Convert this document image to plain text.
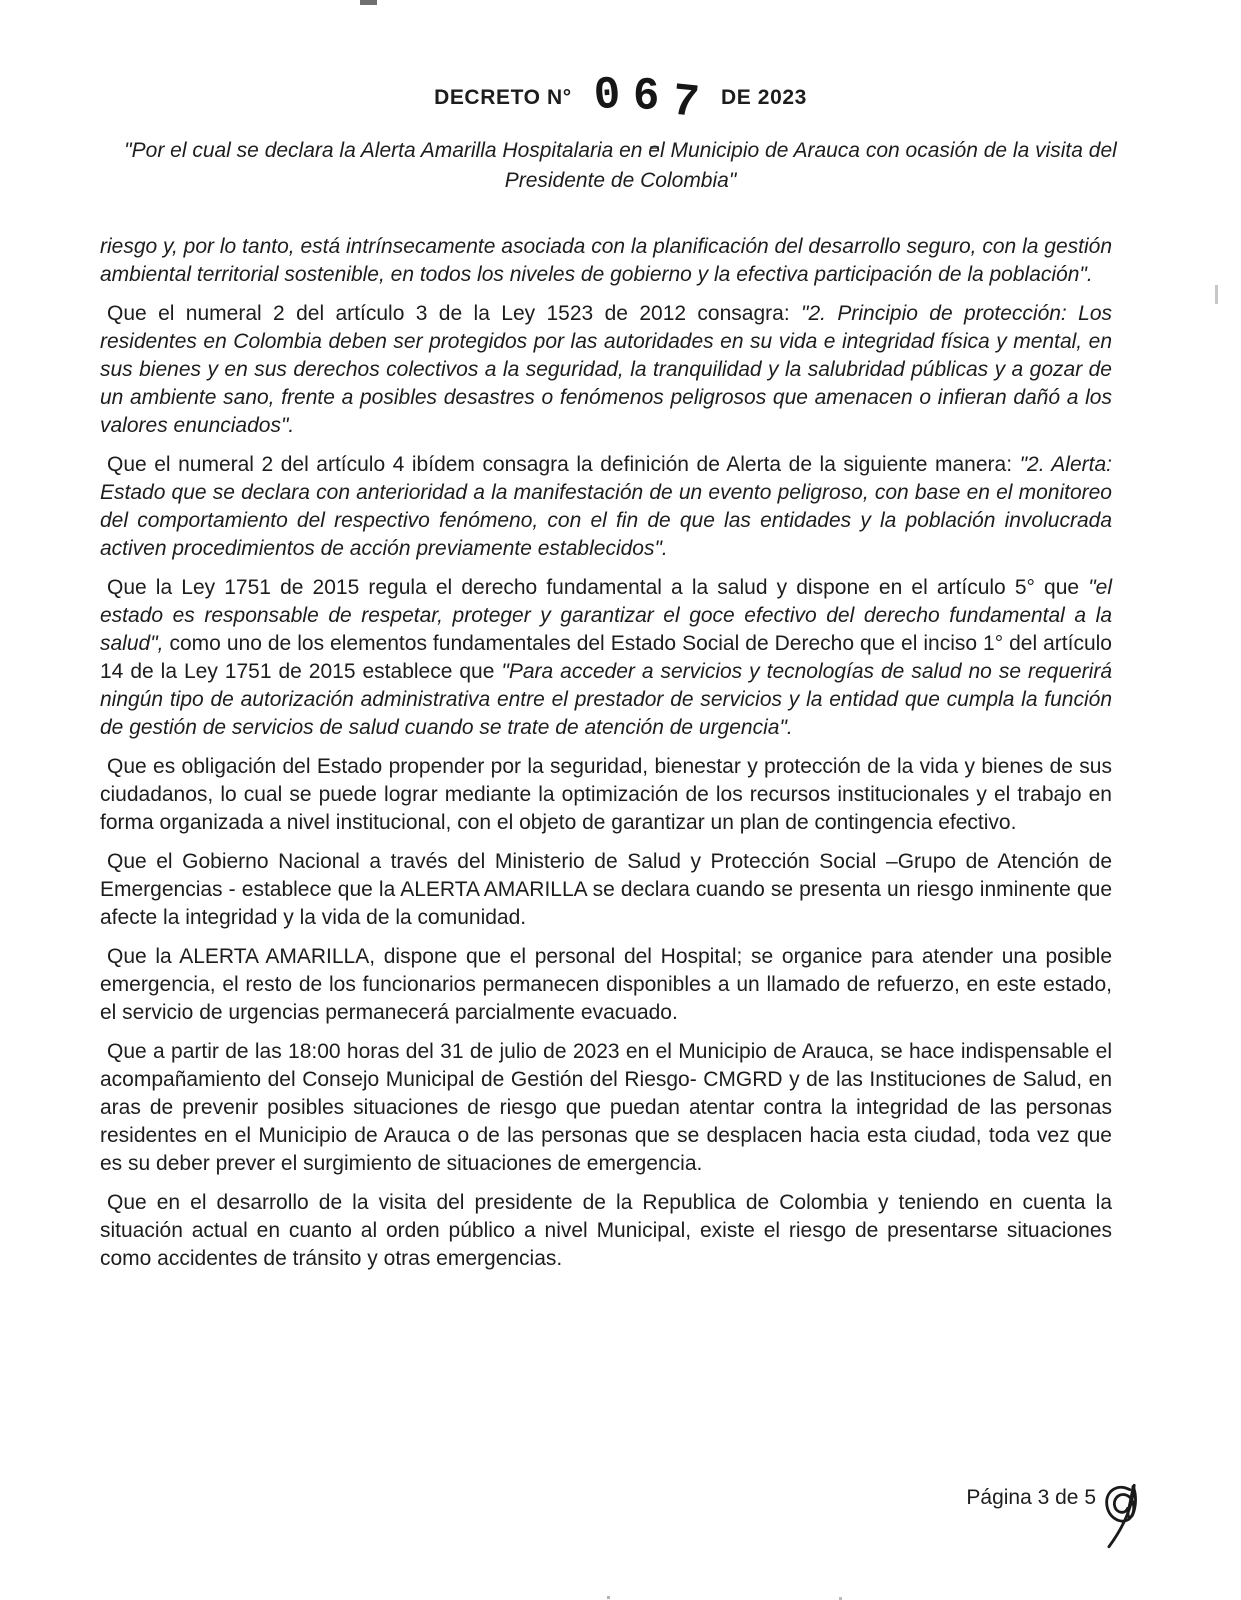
DECRETO N° 0 6 7 DE 2023
"Por el cual se declara la Alerta Amarilla Hospitalaria en el Municipio de Arauca con ocasión de la visita del Presidente de Colombia"

riesgo y, por lo tanto, está intrínsecamente asociada con la planificación del desarrollo seguro, con la gestión ambiental territorial sostenible, en todos los niveles de gobierno y la efectiva participación de la población".

Que el numeral 2 del artículo 3 de la Ley 1523 de 2012 consagra: "2. Principio de protección: Los residentes en Colombia deben ser protegidos por las autoridades en su vida e integridad física y mental, en sus bienes y en sus derechos colectivos a la seguridad, la tranquilidad y la salubridad públicas y a gozar de un ambiente sano, frente a posibles desastres o fenómenos peligrosos que amenacen o infieran dañó a los valores enunciados".

Que el numeral 2 del artículo 4 ibídem consagra la definición de Alerta de la siguiente manera: "2. Alerta: Estado que se declara con anterioridad a la manifestación de un evento peligroso, con base en el monitoreo del comportamiento del respectivo fenómeno, con el fin de que las entidades y la población involucrada activen procedimientos de acción previamente establecidos".

Que la Ley 1751 de 2015 regula el derecho fundamental a la salud y dispone en el artículo 5° que "el estado es responsable de respetar, proteger y garantizar el goce efectivo del derecho fundamental a la salud", como uno de los elementos fundamentales del Estado Social de Derecho que el inciso 1° del artículo 14 de la Ley 1751 de 2015 establece que "Para acceder a servicios y tecnologías de salud no se requerirá ningún tipo de autorización administrativa entre el prestador de servicios y la entidad que cumpla la función de gestión de servicios de salud cuando se trate de atención de urgencia".

Que es obligación del Estado propender por la seguridad, bienestar y protección de la vida y bienes de sus ciudadanos, lo cual se puede lograr mediante la optimización de los recursos institucionales y el trabajo en forma organizada a nivel institucional, con el objeto de garantizar un plan de contingencia efectivo.

Que el Gobierno Nacional a través del Ministerio de Salud y Protección Social –Grupo de Atención de Emergencias - establece que la ALERTA AMARILLA se declara cuando se presenta un riesgo inminente que afecte la integridad y la vida de la comunidad.

Que la ALERTA AMARILLA, dispone que el personal del Hospital; se organice para atender una posible emergencia, el resto de los funcionarios permanecen disponibles a un llamado de refuerzo, en este estado, el servicio de urgencias permanecerá parcialmente evacuado.

Que a partir de las 18:00 horas del 31 de julio de 2023 en el Municipio de Arauca, se hace indispensable el acompañamiento del Consejo Municipal de Gestión del Riesgo- CMGRD y de las Instituciones de Salud, en aras de prevenir posibles situaciones de riesgo que puedan atentar contra la integridad de las personas residentes en el Municipio de Arauca o de las personas que se desplacen hacia esta ciudad, toda vez que es su deber prever el surgimiento de situaciones de emergencia.

Que en el desarrollo de la visita del presidente de la Republica de Colombia y teniendo en cuenta la situación actual en cuanto al orden público a nivel Municipal, existe el riesgo de presentarse situaciones como accidentes de tránsito y otras emergencias.

Página 3 de 5
